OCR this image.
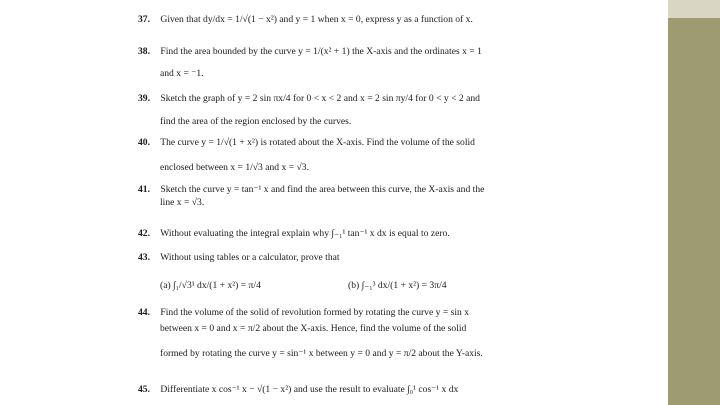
37. Given that dy/dx = 1/√(1 − x²) and y = 1 when x = 0, express y as a function of x.
38. Find the area bounded by the curve y = 1/(x² + 1) the X-axis and the ordinates x = 1
and x = ⁻1.
39. Sketch the graph of y = 2 sin πx/4 for 0 < x < 2 and x = 2 sin πy/4 for 0 < y < 2 and
find the area of the region enclosed by the curves.
40. The curve y = 1/√(1 + x²) is rotated about the X-axis. Find the volume of the solid
enclosed between x = 1/√3 and x = √3.
41. Sketch the curve y = tan⁻¹ x and find the area between this curve, the X-axis and the
line x = √3.
42. Without evaluating the integral explain why ∫₋₁¹ tan⁻¹ x dx is equal to zero.
43. Without using tables or a calculator, prove that
(a) ∫₁/√3¹ dx/(1 + x²) = π/4	(b) ∫₋₁³ dx/(1 + x²) = 3π/4
44. Find the volume of the solid of revolution formed by rotating the curve y = sin x
between x = 0 and x = π/2 about the X-axis. Hence, find the volume of the solid
formed by rotating the curve y = sin⁻¹ x between y = 0 and y = π/2 about the Y-axis.
45. Differentiate x cos⁻¹ x − √(1 − x²) and use the result to evaluate ∫₀¹ cos⁻¹ x dx
